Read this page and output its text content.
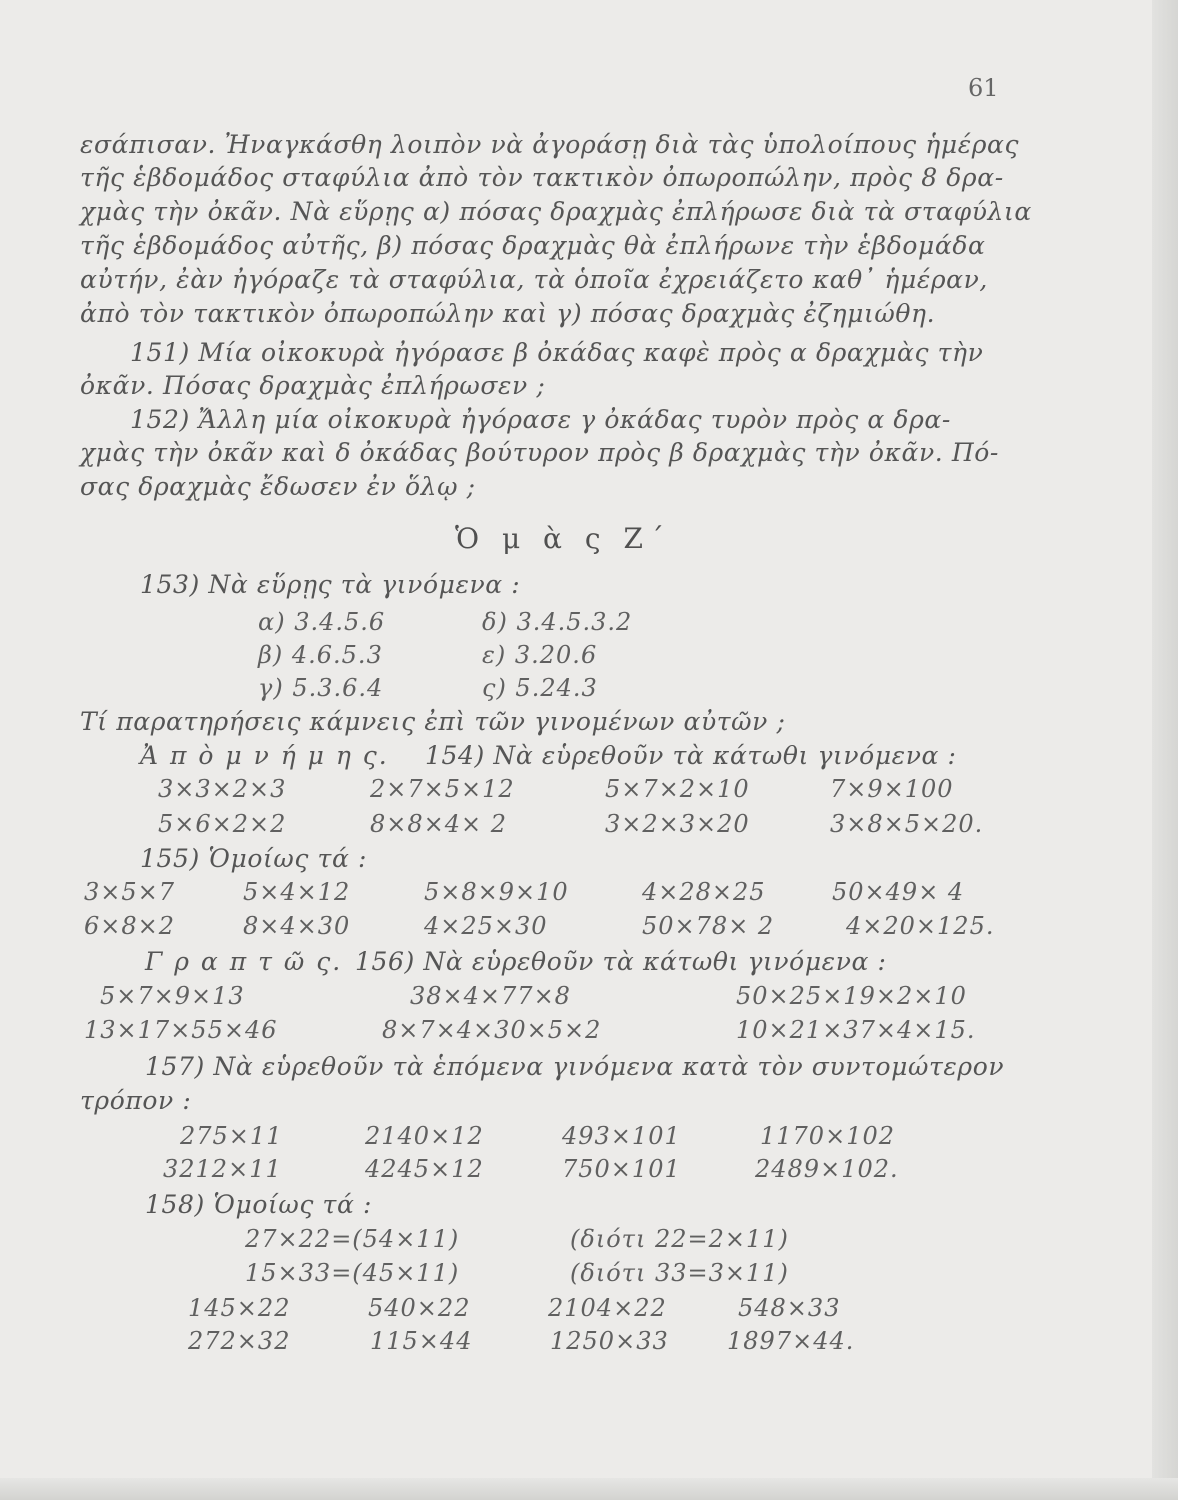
61
εσάπισαν. Ἠναγκάσθη λοιπὸν νὰ ἀγοράσῃ διὰ τὰς ὑπολοίπους ἡμέρας
τῆς ἑβδομάδος σταφύλια ἀπὸ τὸν τακτικὸν ὀπωροπώλην, πρὸς 8 δρα-
χμὰς τὴν ὀκᾶν. Νὰ εὕρῃς α) πόσας δραχμὰς ἐπλήρωσε διὰ τὰ σταφύλια
τῆς ἑβδομάδος αὐτῆς, β) πόσας δραχμὰς θὰ ἐπλήρωνε τὴν ἑβδομάδα
αὐτήν, ἐὰν ἠγόραζε τὰ σταφύλια, τὰ ὁποῖα ἐχρειάζετο καθ᾿ ἡμέραν,
ἀπὸ τὸν τακτικὸν ὀπωροπώλην καὶ γ) πόσας δραχμὰς ἐζημιώθη.
151) Μία οἰκοκυρὰ ἠγόρασε β ὀκάδας καφὲ πρὸς α δραχμὰς τὴν
ὀκᾶν. Πόσας δραχμὰς ἐπλήρωσεν ;
152) Ἄλλη μία οἰκοκυρὰ ἠγόρασε γ ὀκάδας τυρὸν πρὸς α δρα-
χμὰς τὴν ὀκᾶν καὶ δ ὀκάδας βούτυρον πρὸς β δραχμὰς τὴν ὀκᾶν. Πό-
σας δραχμὰς ἔδωσεν ἐν ὅλῳ ;
Ὁ μ ὰ ς Ζ΄
153) Νὰ εὕρῃς τὰ γινόμενα :
α) 3.4.5.6	δ) 3.4.5.3.2
β) 4.6.5.3	ε) 3.20.6
γ) 5.3.6.4	ς) 5.24.3
Τί παρατηρήσεις κάμνεις ἐπὶ τῶν γινομένων αὐτῶν ;
Ἀ π ὸ μ ν ή μ η ς. 154) Νὰ εὑρεθοῦν τὰ κάτωθι γινόμενα :
3×3×2×3	2×7×5×12	5×7×2×10	7×9×100
5×6×2×2	8×8×4× 2	3×2×3×20	3×8×5×20.
155) Ὁμοίως τά :
3×5×7	5×4×12	5×8×9×10	4×28×25	50×49× 4
6×8×2	8×4×30	4×25×30	50×78× 2	4×20×125.
Γ ρ α π τ ῶ ς. 156) Νὰ εὑρεθοῦν τὰ κάτωθι γινόμενα :
5×7×9×13	38×4×77×8	50×25×19×2×10
13×17×55×46	8×7×4×30×5×2	10×21×37×4×15.
157) Νὰ εὑρεθοῦν τὰ ἑπόμενα γινόμενα κατὰ τὸν συντομώτερον
τρόπον :
275×11	2140×12	493×101	1170×102
3212×11	4245×12	750×101	2489×102.
158) Ὁμοίως τά :
27×22=(54×11)	(διότι 22=2×11)
15×33=(45×11)	(διότι 33=3×11)
145×22	540×22	2104×22	548×33
272×32	115×44	1250×33 1897×44.
